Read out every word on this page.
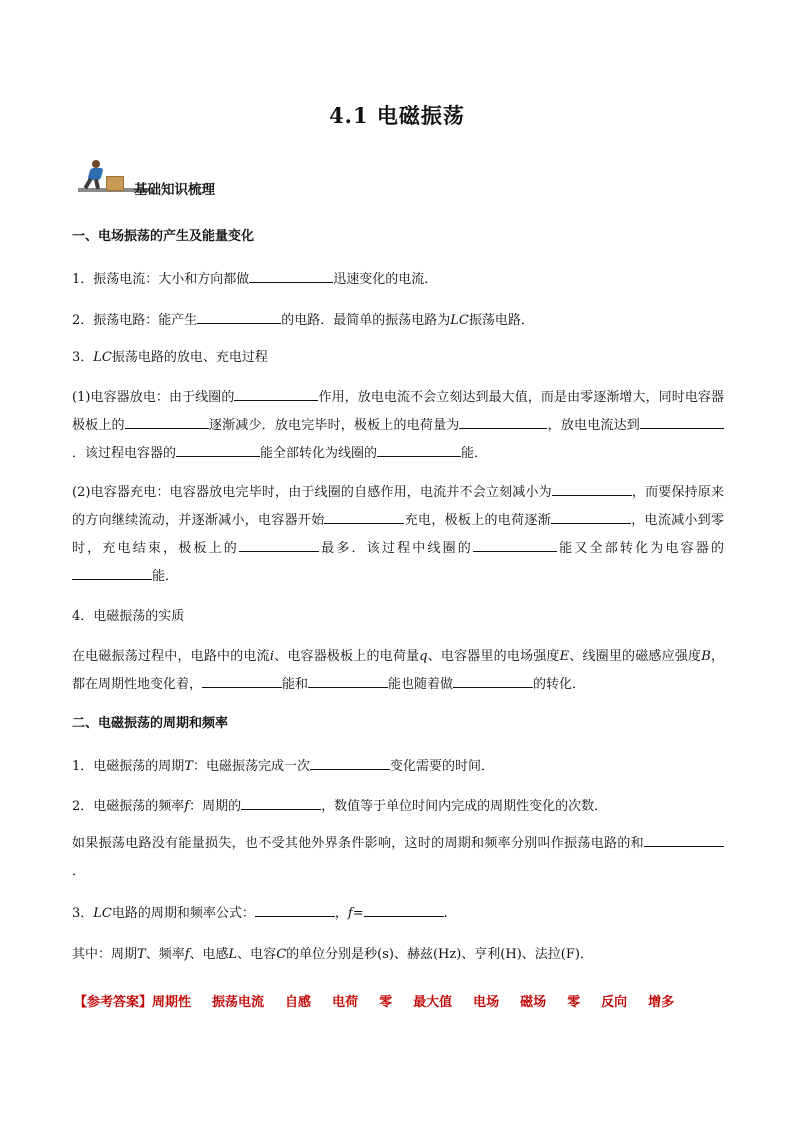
4.1 电磁振荡
基础知识梳理
一、电场振荡的产生及能量变化
1．振荡电流：大小和方向都做	迅速变化的电流．
2．振荡电路：能产生	的电路．最简单的振荡电路为LC振荡电路．
3．LC振荡电路的放电、充电过程
(1)电容器放电：由于线圈的	作用，放电电流不会立刻达到最大值，而是由零逐渐增大，同时电容器极板上的	逐渐减少．放电完毕时，极板上的电荷量为	，放电电流达到．该过程电容器的	能全部转化为线圈的	能．
(2)电容器充电：电容器放电完毕时，由于线圈的自感作用，电流并不会立刻减小为	，而要保持原来的方向继续流动，并逐渐减小，电容器开始	充电，极板上的电荷逐渐	，电流减小到零时，充电结束，极板上的	最多．该过程中线圈的	能又全部转化为电容器的能．
4．电磁振荡的实质
在电磁振荡过程中，电路中的电流i、电容器极板上的电荷量q、电容器里的电场强度E、线圈里的磁感应强度B，都在周期性地变化着，	能和	能也随着做	的转化．
二、电磁振荡的周期和频率
1．电磁振荡的周期T：电磁振荡完成一次	变化需要的时间．
2．电磁振荡的频率f：周期的	，数值等于单位时间内完成的周期性变化的次数．
如果振荡电路没有能量损失，也不受其他外界条件影响，这时的周期和频率分别叫作振荡电路的和．
3．LC电路的周期和频率公式：	，f=	.
其中：周期T、频率f、电感L、电容C的单位分别是秒(s)、赫兹(Hz)、亨利(H)、法拉(F)．
【参考答案】周期性 振荡电流 自感 电荷 零 最大值 电场 磁场 零 反向 增多
